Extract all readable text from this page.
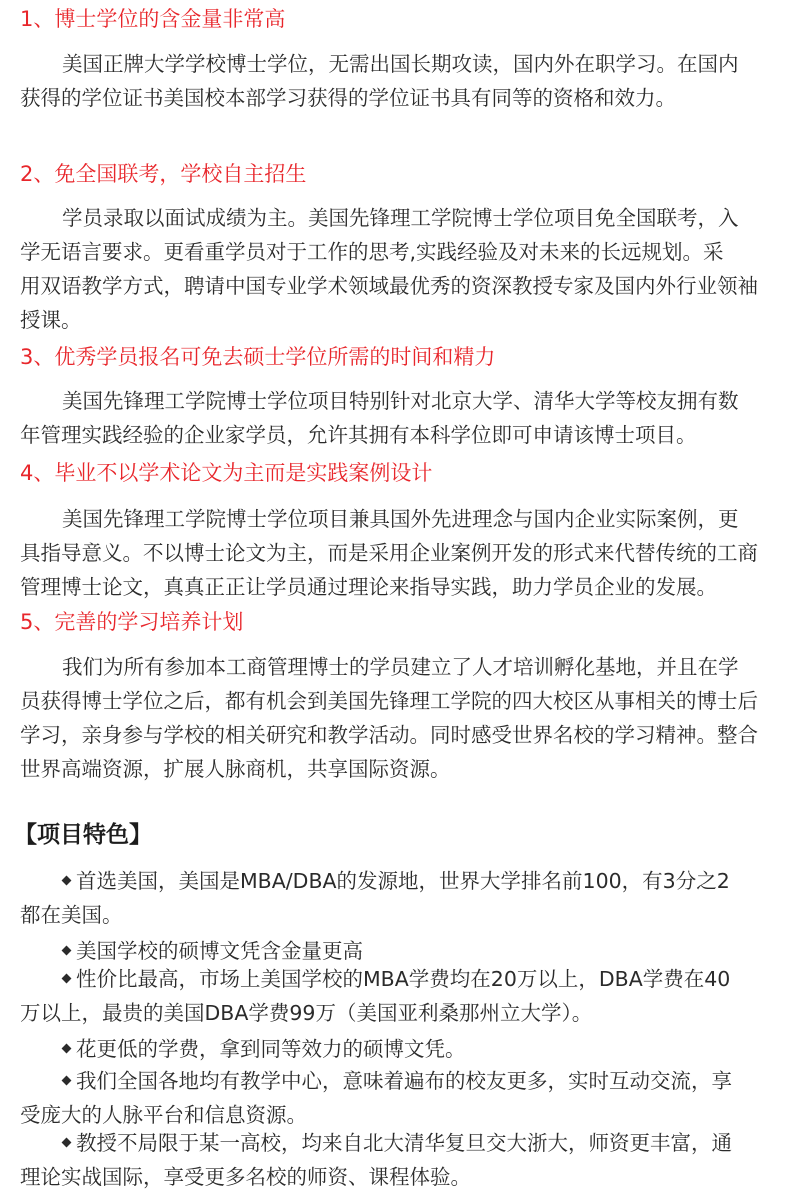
1、博士学位的含金量非常高
美国正牌大学学校博士学位，无需出国长期攻读，国内外在职学习。在国内
获得的学位证书美国校本部学习获得的学位证书具有同等的资格和效力。
2、免全国联考，学校自主招生
学员录取以面试成绩为主。美国先锋理工学院博士学位项目免全国联考，入
学无语言要求。更看重学员对于工作的思考,实践经验及对未来的长远规划。采
用双语教学方式，聘请中国专业学术领域最优秀的资深教授专家及国内外行业领袖
授课。
3、优秀学员报名可免去硕士学位所需的时间和精力
美国先锋理工学院博士学位项目特别针对北京大学、清华大学等校友拥有数
年管理实践经验的企业家学员，允许其拥有本科学位即可申请该博士项目。
4、毕业不以学术论文为主而是实践案例设计
美国先锋理工学院博士学位项目兼具国外先进理念与国内企业实际案例，更
具指导意义。不以博士论文为主，而是采用企业案例开发的形式来代替传统的工商
管理博士论文，真真正正让学员通过理论来指导实践，助力学员企业的发展。
5、完善的学习培养计划
我们为所有参加本工商管理博士的学员建立了人才培训孵化基地，并且在学
员获得博士学位之后，都有机会到美国先锋理工学院的四大校区从事相关的博士后
学习，亲身参与学校的相关研究和教学活动。同时感受世界名校的学习精神。整合
世界高端资源，扩展人脉商机，共享国际资源。
【项目特色】
首选美国，美国是MBA/DBA的发源地，世界大学排名前100，有3分之2
都在美国。
美国学校的硕博文凭含金量更高
性价比最高，市场上美国学校的MBA学费均在20万以上，DBA学费在40
万以上，最贵的美国DBA学费99万（美国亚利桑那州立大学）。
花更低的学费，拿到同等效力的硕博文凭。
我们全国各地均有教学中心，意味着遍布的校友更多，实时互动交流，享
受庞大的人脉平台和信息资源。
教授不局限于某一高校，均来自北大清华复旦交大浙大，师资更丰富，通
理论实战国际，享受更多名校的师资、课程体验。
